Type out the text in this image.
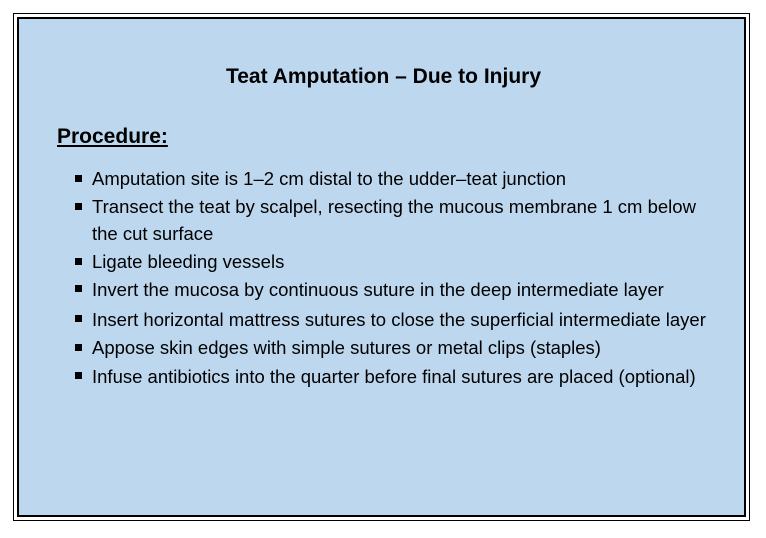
Teat Amputation – Due to Injury
Procedure:
Amputation site is 1–2 cm distal to the udder–teat junction
Transect the teat by scalpel, resecting the mucous membrane 1 cm below the cut surface
Ligate bleeding vessels
Invert the mucosa by continuous suture in the deep intermediate layer
Insert horizontal mattress sutures to close the superficial intermediate layer
Appose skin edges with simple sutures or metal clips (staples)
Infuse antibiotics into the quarter before final sutures are placed (optional)
